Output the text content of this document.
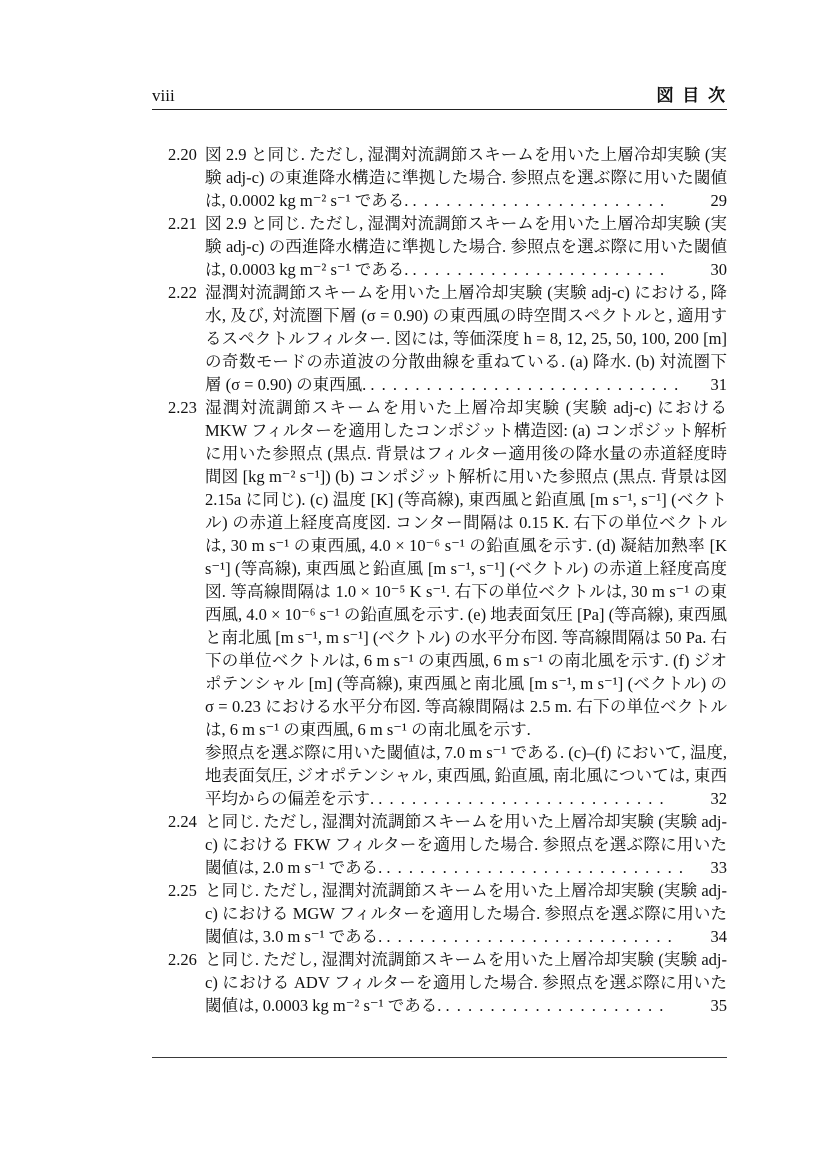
viii	図 目 次
2.20 図 2.9 と同じ. ただし, 湿潤対流調節スキームを用いた上層冷却実験 (実験 adj-c) の東進降水構造に準拠した場合. 参照点を選ぶ際に用いた閾値は, 0.0002 kg m⁻² s⁻¹ である. . . . . . . . . . . . . . . . . . . . . . . .	29
2.21 図 2.9 と同じ. ただし, 湿潤対流調節スキームを用いた上層冷却実験 (実験 adj-c) の西進降水構造に準拠した場合. 参照点を選ぶ際に用いた閾値は, 0.0003 kg m⁻² s⁻¹ である. . . . . . . . . . . . . . . . . . . . . . . .	30
2.22 湿潤対流調節スキームを用いた上層冷却実験 (実験 adj-c) における, 降水, 及び, 対流圏下層 (σ = 0.90) の東西風の時空間スペクトルと, 適用するスペクトルフィルター. 図には, 等価深度 h = 8, 12, 25, 50, 100, 200 [m] の奇数モードの赤道波の分散曲線を重ねている. (a) 降水. (b) 対流圏下層 (σ = 0.90) の東西風. . . . . . . . . . . . . . . . . . . . . . . . . . . . .	31
2.23 湿潤対流調節スキームを用いた上層冷却実験 (実験 adj-c) における MKW フィルターを適用したコンポジット構造図: (a) コンポジット解析に用いた参照点 (黒点. 背景はフィルター適用後の降水量の赤道経度時間図 [kg m⁻² s⁻¹]) (b) コンポジット解析に用いた参照点 (黒点. 背景は図 2.15a に同じ). (c) 温度 [K] (等高線), 東西風と鉛直風 [m s⁻¹, s⁻¹] (ベクトル) の赤道上経度高度図. コンター間隔は 0.15 K. 右下の単位ベクトルは, 30 m s⁻¹ の東西風, 4.0 × 10⁻⁶ s⁻¹ の鉛直風を示す. (d) 凝結加熱率 [K s⁻¹] (等高線), 東西風と鉛直風 [m s⁻¹, s⁻¹] (ベクトル) の赤道上経度高度図. 等高線間隔は 1.0 × 10⁻⁵ K s⁻¹. 右下の単位ベクトルは, 30 m s⁻¹ の東西風, 4.0 × 10⁻⁶ s⁻¹ の鉛直風を示す. (e) 地表面気圧 [Pa] (等高線), 東西風と南北風 [m s⁻¹, m s⁻¹] (ベクトル) の水平分布図. 等高線間隔は 50 Pa. 右下の単位ベクトルは, 6 m s⁻¹ の東西風, 6 m s⁻¹ の南北風を示す. (f) ジオポテンシャル [m] (等高線), 東西風と南北風 [m s⁻¹, m s⁻¹] (ベクトル) の σ = 0.23 における水平分布図. 等高線間隔は 2.5 m. 右下の単位ベクトルは, 6 m s⁻¹ の東西風, 6 m s⁻¹ の南北風を示す.
参照点を選ぶ際に用いた閾値は, 7.0 m s⁻¹ である. (c)–(f) において, 温度, 地表面気圧, ジオポテンシャル, 東西風, 鉛直風, 南北風については, 東西平均からの偏差を示す. . . . . . . . . . . . . . . . . . . . . . . . . . .	32
2.24 と同じ. ただし, 湿潤対流調節スキームを用いた上層冷却実験 (実験 adj-c) における FKW フィルターを適用した場合. 参照点を選ぶ際に用いた閾値は, 2.0 m s⁻¹ である. . . . . . . . . . . . . . . . . . . . . . . . . . . .	33
2.25 と同じ. ただし, 湿潤対流調節スキームを用いた上層冷却実験 (実験 adj-c) における MGW フィルターを適用した場合. 参照点を選ぶ際に用いた閾値は, 3.0 m s⁻¹ である. . . . . . . . . . . . . . . . . . . . . . . . . . .	34
2.26 と同じ. ただし, 湿潤対流調節スキームを用いた上層冷却実験 (実験 adj-c) における ADV フィルターを適用した場合. 参照点を選ぶ際に用いた閾値は, 0.0003 kg m⁻² s⁻¹ である. . . . . . . . . . . . . . . . . . . . .	35
